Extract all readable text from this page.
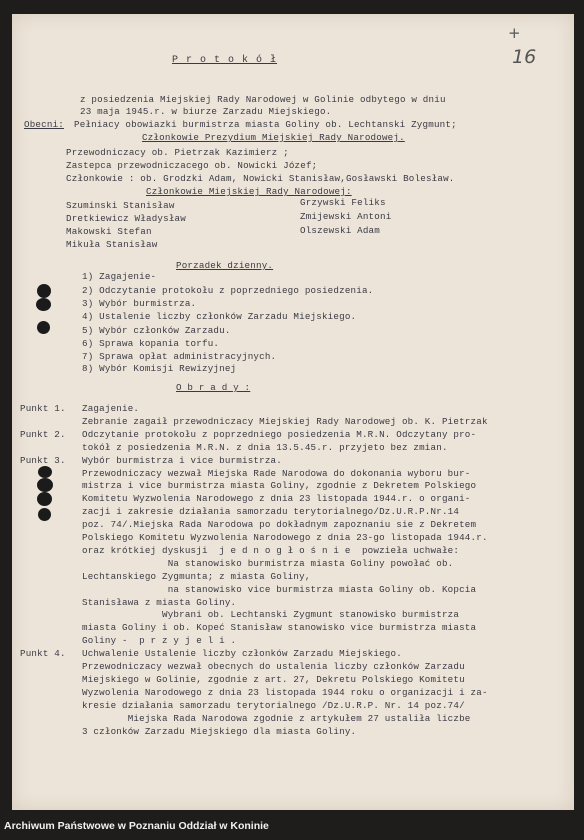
+
16
P r o t o k ó ł
z posiedzenia Miejskiej Rady Narodowej w Golinie odbytego w dniu
23 maja 1945.r. w biurze Zarzadu Miejskiego.
Obecni: Pełniacy obowiazki burmistrza miasta Goliny ob. Lechtanski Zygmunt;
Członkowie Prezydium Miejskiej Rady Narodowej.
Przewodniczacy ob. Pietrzak Kazimierz ;
Zastepca przewodniczacego ob. Nowicki Józef;
Członkowie : ob. Grodzki Adam, Nowicki Stanisław,Gosławski Bolesław.
Członkowie Miejskiej Rady Narodowej:
Szuminski Stanisław
Dretkiewicz Władysław
Makowski Stefan
Mikuła Stanisław
Grzywski Feliks
Zmijewski Antoni
Olszewski Adam
Porzadek dzienny.
1) Zagajenie-
2) Odczytanie protokołu z poprzedniego posiedzenia.
3) Wybór burmistrza.
4) Ustalenie liczby członków Zarzadu Miejskiego.
5) Wybór członków Zarzadu.
6) Sprawa kopania torfu.
7) Sprawa opłat administracyjnych.
8) Wybór Komisji Rewizyjnej
O b r a d y :
Punkt 1. Zagajenie.
Zebranie zagaił przewodniczacy Miejskiej Rady Narodowej ob. K. Pietrzak
Punkt 2. Odczytanie protokołu z poprzedniego posiedzenia M.R.N. Odczytany pro-
tokół z posiedzenia M.R.N. z dnia 13.5.45.r. przyjeto bez zmian.
Punkt 3. Wybór burmistrza i vice burmistrza.
Przewodniczacy wezwał Miejska Rade Narodowa do dokonania wyboru bur-
mistrza i vice burmistrza miasta Goliny, zgodnie z Dekretem Polskiego
Komitetu Wyzwolenia Narodowego z dnia 23 listopada 1944.r. o organi-
zacji i zakresie działania samorzadu terytorialnego/Dz.U.R.P.Nr.14
poz. 74/.Miejska Rada Narodowa po dokładnym zapoznaniu sie z Dekretem
Polskiego Komitetu Wyzwolenia Narodowego z dnia 23-go listopada 1944.r.
oraz krótkiej dyskusji  j e d n o g ł o ś n i e  powzieła uchwałe:
Na stanowisko burmistrza miasta Goliny powołać ob.
Lechtanskiego Zygmunta; z miasta Goliny,
na stanowisko vice burmistrza miasta Goliny ob. Kopcia
Stanisława z miasta Goliny.
Wybrani ob. Lechtanski Zygmunt stanowisko burmistrza
miasta Goliny i ob. Kopeć Stanisław stanowisko vice burmistrza miasta
Goliny -  p r z y j e l i .
Punkt 4. Uchwalenie Ustalenie liczby członków Zarzadu Miejskiego.
Przewodniczacy wezwał obecnych do ustalenia liczby członków Zarzadu
Miejskiego w Golinie, zgodnie z art. 27, Dekretu Polskiego Komitetu
Wyzwolenia Narodowego z dnia 23 listopada 1944 roku o organizacji i za-
kresie działania samorzadu terytorialnego /Dz.U.R.P. Nr. 14 poz.74/
Miejska Rada Narodowa zgodnie z artykułem 27 ustaliła liczbe
3 członków Zarzadu Miejskiego dla miasta Goliny.
Archiwum Państwowe w Poznaniu Oddział w Koninie
